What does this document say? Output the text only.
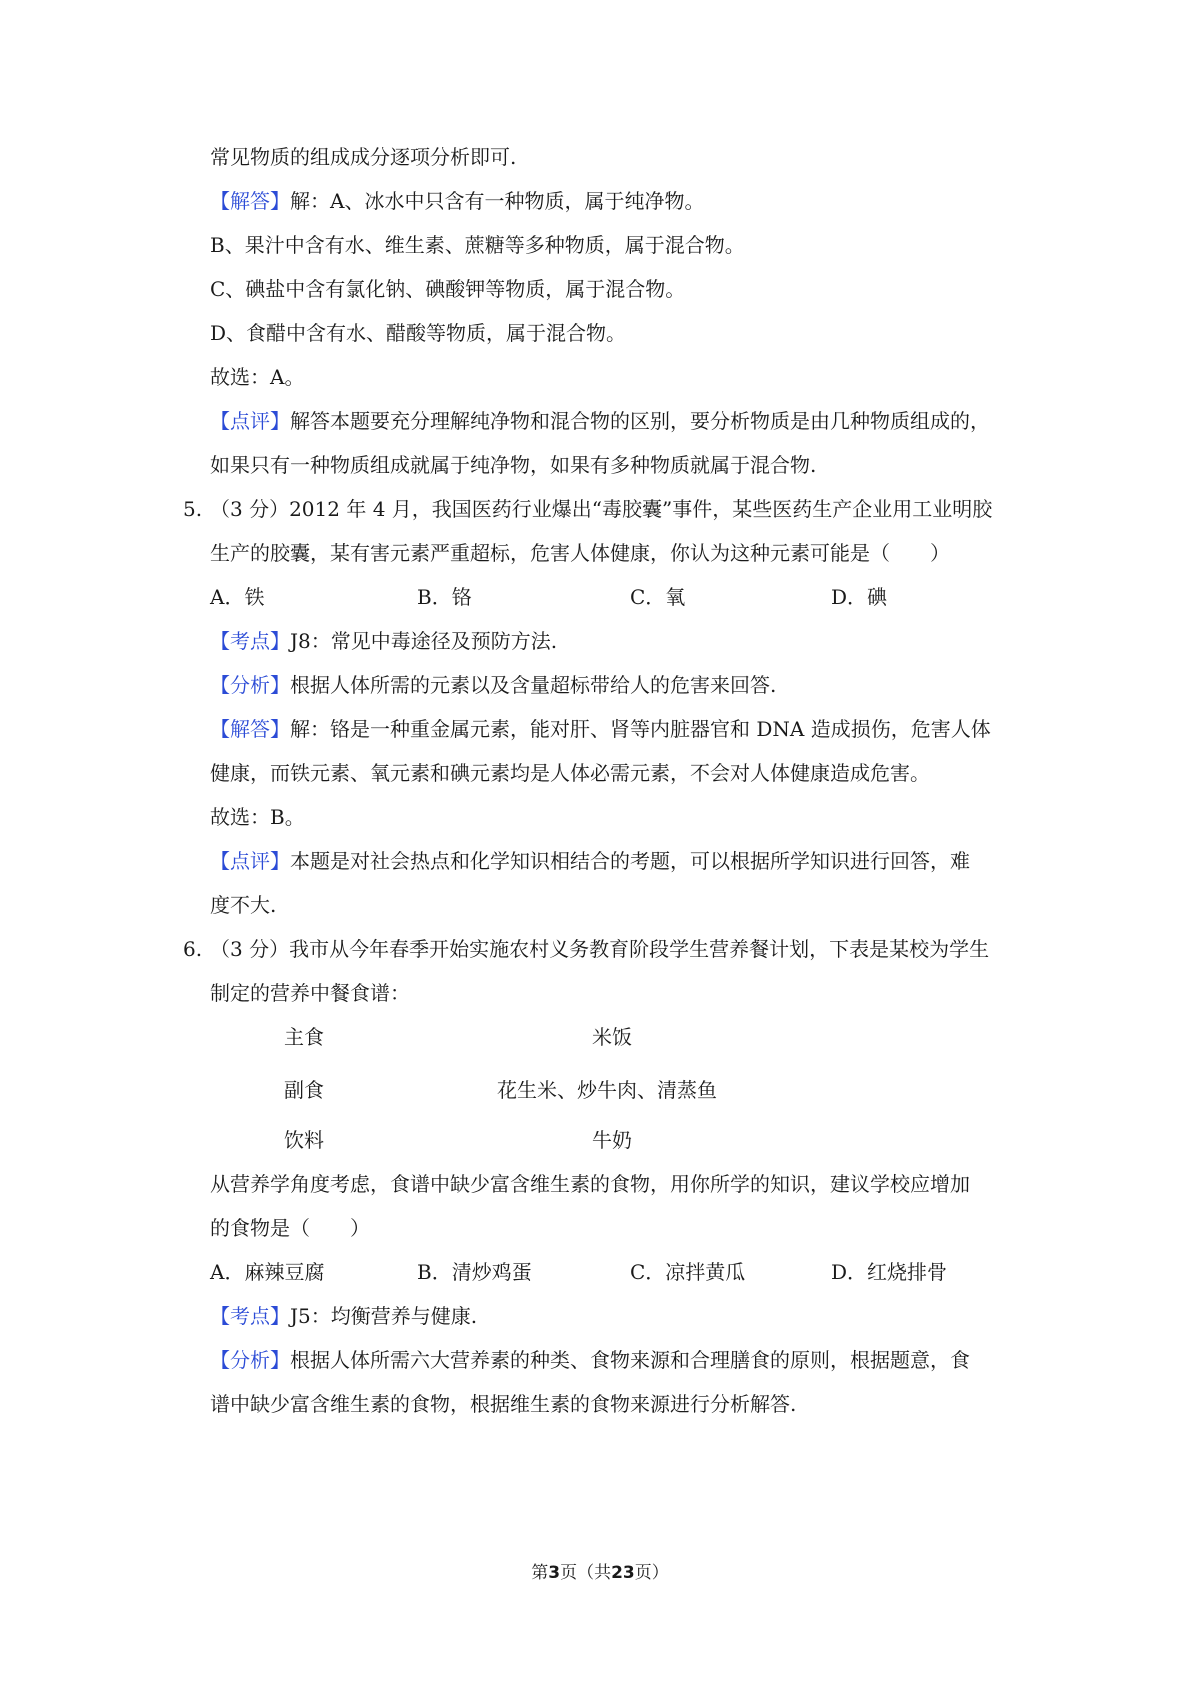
常见物质的组成成分逐项分析即可.
【解答】解：A、冰水中只含有一种物质，属于纯净物。
B、果汁中含有水、维生素、蔗糖等多种物质，属于混合物。
C、碘盐中含有氯化钠、碘酸钾等物质，属于混合物。
D、食醋中含有水、醋酸等物质，属于混合物。
故选：A。
【点评】解答本题要充分理解纯净物和混合物的区别，要分析物质是由几种物质组成的，
如果只有一种物质组成就属于纯净物，如果有多种物质就属于混合物.
5. （3 分）2012 年 4 月，我国医药行业爆出“毒胶囊”事件，某些医药生产企业用工业明胶
生产的胶囊，某有害元素严重超标，危害人体健康，你认为这种元素可能是（　　）
A．铁	B．铬	C．氧	D．碘
【考点】J8：常见中毒途径及预防方法.
【分析】根据人体所需的元素以及含量超标带给人的危害来回答.
【解答】解：铬是一种重金属元素，能对肝、肾等内脏器官和 DNA 造成损伤，危害人体
健康，而铁元素、氧元素和碘元素均是人体必需元素，不会对人体健康造成危害。
故选：B。
【点评】本题是对社会热点和化学知识相结合的考题，可以根据所学知识进行回答，难
度不大.
6. （3 分）我市从今年春季开始实施农村义务教育阶段学生营养餐计划，下表是某校为学生
制定的营养中餐食谱：
主食	米饭
副食	花生米、炒牛肉、清蒸鱼
饮料	牛奶
从营养学角度考虑，食谱中缺少富含维生素的食物，用你所学的知识，建议学校应增加
的食物是（　　）
A．麻辣豆腐	B．清炒鸡蛋	C．凉拌黄瓜	D．红烧排骨
【考点】J5：均衡营养与健康.
【分析】根据人体所需六大营养素的种类、食物来源和合理膳食的原则，根据题意，食
谱中缺少富含维生素的食物，根据维生素的食物来源进行分析解答.
第3页（共23页）
